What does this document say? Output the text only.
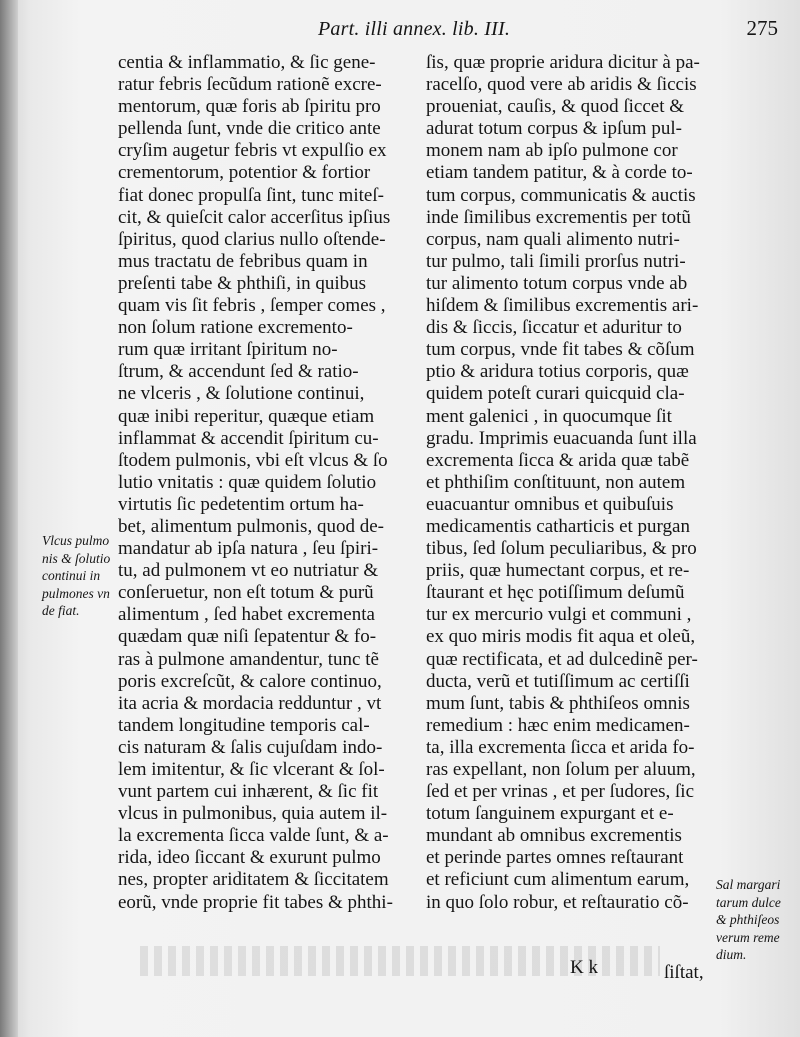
Part. illi annex. lib. III.	275
centia & inflammatio, & ſic gene-
ratur febris ſecũdum rationẽ excre-
mentorum, quæ foris ab ſpiritu pro
pellenda ſunt, vnde die critico ante
cryſim augetur febris vt expulſio ex
crementorum, potentior & fortior
fiat donec propulſa ſint, tunc miteſ-
cit, & quieſcit calor accerſitus ipſius
ſpiritus, quod clarius nullo oſtende-
mus tractatu de febribus quam in
preſenti tabe & phthiſi, in quibus
quam vis ſit febris , ſemper comes ,
non ſolum ratione excremento-
rum quæ irritant ſpiritum no-
ſtrum, & accendunt ſed & ratio-
ne vlceris , & ſolutione continui,
quæ inibi reperitur, quæque etiam
inflammat & accendit ſpiritum cu-
ſtodem pulmonis, vbi eſt vlcus & ſo
lutio vnitatis : quæ quidem ſolutio
virtutis ſic pedetentim ortum ha-
bet, alimentum pulmonis, quod de-
mandatur ab ipſa natura , ſeu ſpiri-
tu, ad pulmonem vt eo nutriatur &
conſeruetur, non eſt totum & purũ
alimentum , ſed habet excrementa
quædam quæ niſi ſepatentur & fo-
ras à pulmone amandentur, tunc tẽ
poris excreſcũt, & calore continuo,
ita acria & mordacia redduntur , vt
tandem longitudine temporis cal-
cis naturam & ſalis cujuſdam indo-
lem imitentur, & ſic vlcerant & ſol-
vunt partem cui inhærent, & ſic fit
vlcus in pulmonibus, quia autem il-
la excrementa ſicca valde ſunt, & a-
rida, ideo ſiccant & exurunt pulmo
nes, propter ariditatem & ſiccitatem
eorũ, vnde proprie fit tabes & phthi-
ſis, quæ proprie aridura dicitur à pa-
racelſo, quod vere ab aridis & ſiccis
proueniat, cauſis, & quod ſiccet &
adurat totum corpus & ipſum pul-
monem nam ab ipſo pulmone cor
etiam tandem patitur, & à corde to-
tum corpus, communicatis & auctis
inde ſimilibus excrementis per totũ
corpus, nam quali alimento nutri-
tur pulmo, tali ſimili prorſus nutri-
tur alimento totum corpus vnde ab
hiſdem & ſimilibus excrementis ari-
dis & ſiccis, ſiccatur et aduritur to
tum corpus, vnde fit tabes & cõſum
ptio & aridura totius corporis, quæ
quidem poteſt curari quicquid cla-
ment galenici , in quocumque ſit
gradu. Imprimis euacuanda ſunt illa
excrementa ſicca & arida quæ tabẽ
et phthiſim conſtituunt, non autem
euacuantur omnibus et quibuſuis
medicamentis catharticis et purgan
tibus, ſed ſolum peculiaribus, & pro
priis, quæ humectant corpus, et re-
ſtaurant et hęc potiſſimum deſumũ
tur ex mercurio vulgi et communi ,
ex quo miris modis fit aqua et oleũ,
quæ rectificata, et ad dulcedinẽ per-
ducta, verũ et tutiſſimum ac certiſſi
mum ſunt, tabis & phthiſeos omnis
remedium : hæc enim medicamen-
ta, illa excrementa ſicca et arida fo-
ras expellant, non ſolum per aluum,
ſed et per vrinas , et per ſudores, ſic
totum ſanguinem expurgant et e-
mundant ab omnibus excrementis
et perinde partes omnes reſtaurant
et reficiunt cum alimentum earum,
in quo ſolo robur, et reſtauratio cõ-
Vlcus pulmo
nis & ſolutio
continui in
pulmones vn
de fiat.
Sal margari
tarum dulce
& phthiſeos
verum reme
dium.
K k	ſiſtat,
